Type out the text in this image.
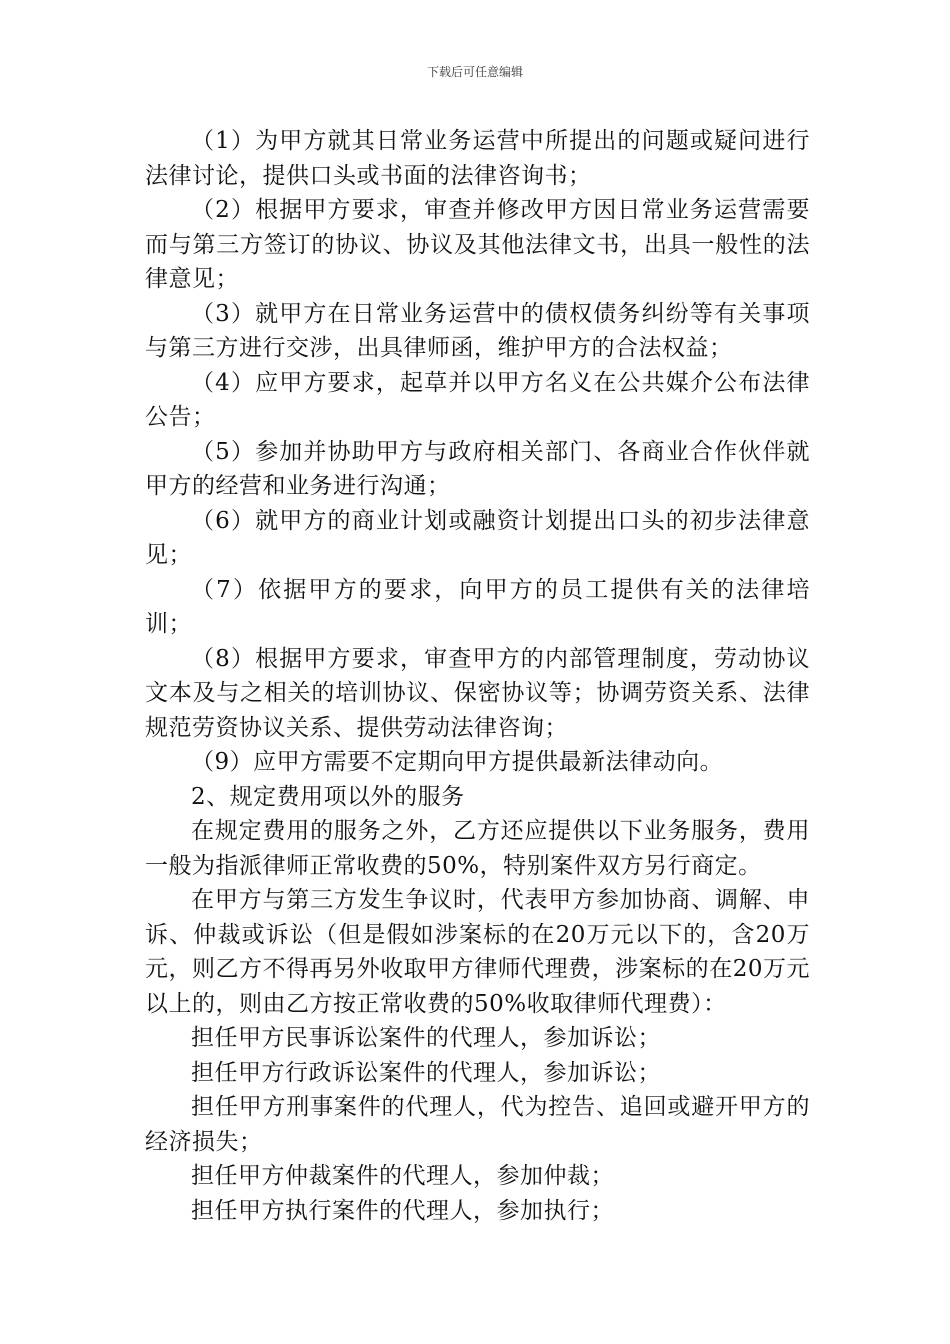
下载后可任意编辑

（1）为甲方就其日常业务运营中所提出的问题或疑问进行法律讨论，提供口头或书面的法律咨询书；

（2）根据甲方要求，审查并修改甲方因日常业务运营需要而与第三方签订的协议、协议及其他法律文书，出具一般性的法律意见；

（3）就甲方在日常业务运营中的债权债务纠纷等有关事项与第三方进行交涉，出具律师函，维护甲方的合法权益；

（4）应甲方要求，起草并以甲方名义在公共媒介公布法律公告；

（5）参加并协助甲方与政府相关部门、各商业合作伙伴就甲方的经营和业务进行沟通；

（6）就甲方的商业计划或融资计划提出口头的初步法律意见；

（7）依据甲方的要求，向甲方的员工提供有关的法律培训；

（8）根据甲方要求，审查甲方的内部管理制度，劳动协议文本及与之相关的培训协议、保密协议等；协调劳资关系、法律规范劳资协议关系、提供劳动法律咨询；

（9）应甲方需要不定期向甲方提供最新法律动向。

2、规定费用项以外的服务

在规定费用的服务之外，乙方还应提供以下业务服务，费用一般为指派律师正常收费的50%，特别案件双方另行商定。

在甲方与第三方发生争议时，代表甲方参加协商、调解、申诉、仲裁或诉讼（但是假如涉案标的在20万元以下的，含20万元，则乙方不得再另外收取甲方律师代理费，涉案标的在20万元以上的，则由乙方按正常收费的50%收取律师代理费）：

担任甲方民事诉讼案件的代理人，参加诉讼；

担任甲方行政诉讼案件的代理人，参加诉讼；

担任甲方刑事案件的代理人，代为控告、追回或避开甲方的经济损失；

担任甲方仲裁案件的代理人，参加仲裁；

担任甲方执行案件的代理人，参加执行；
